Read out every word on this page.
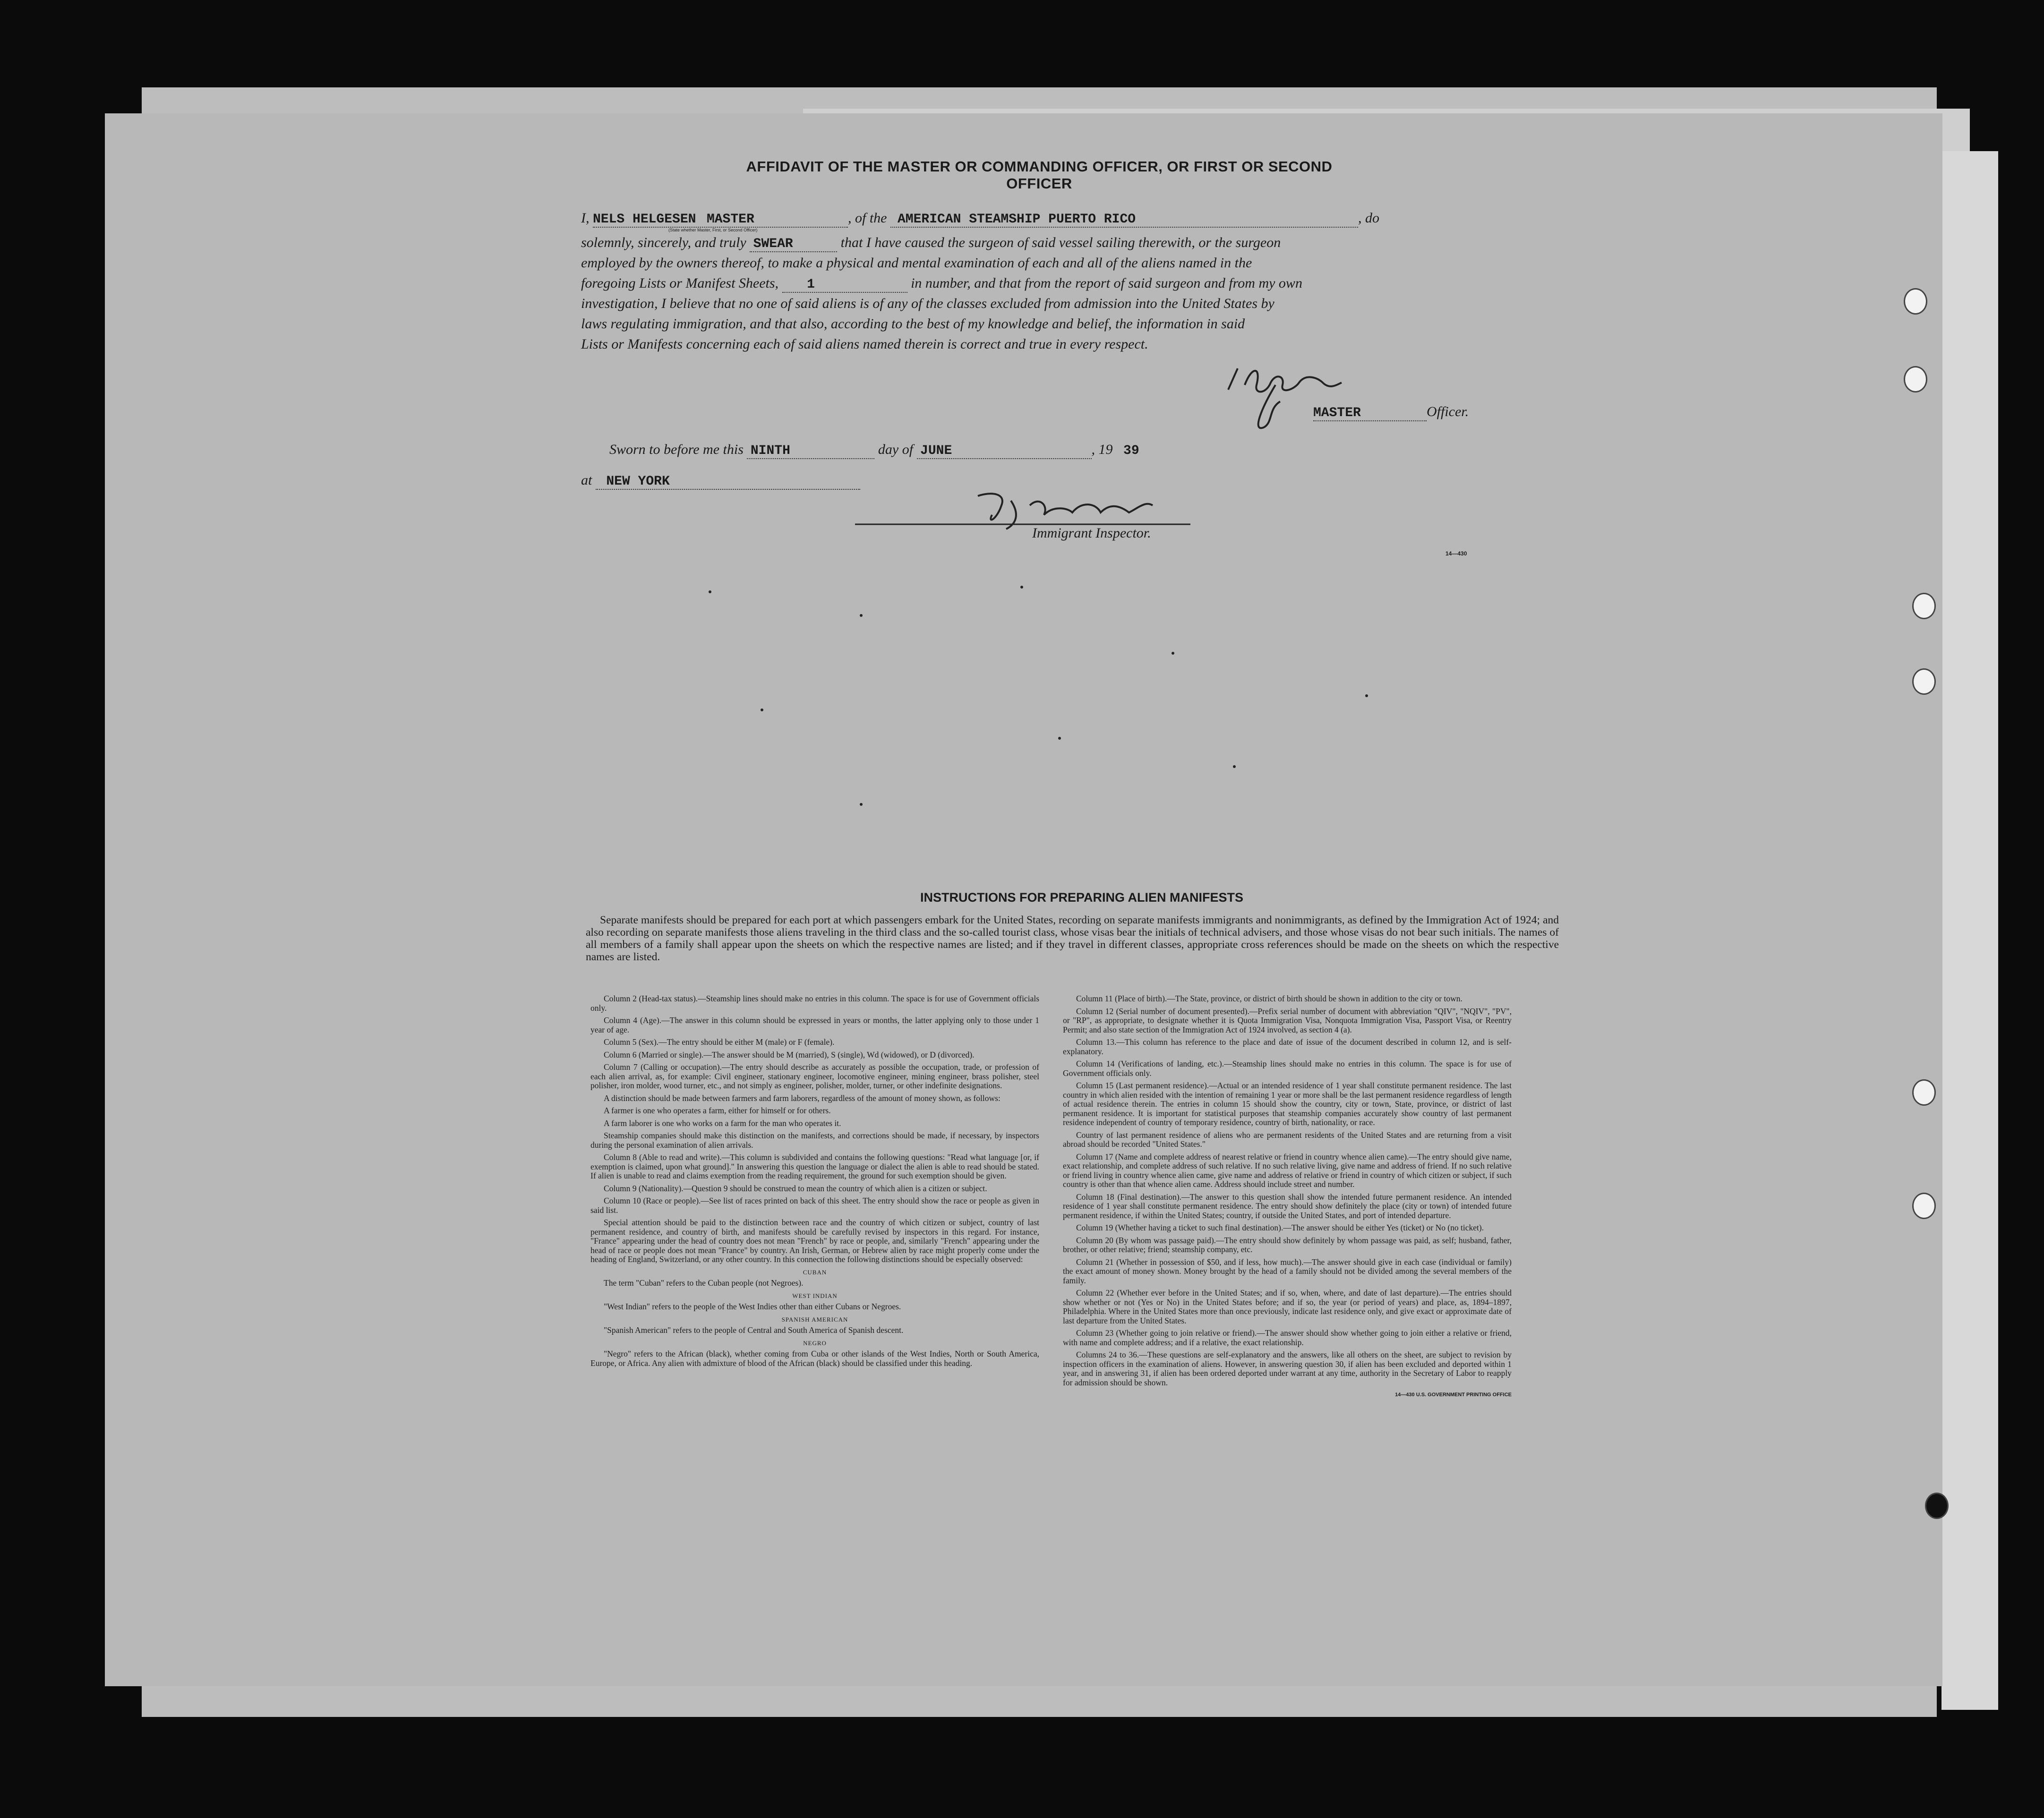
AFFIDAVIT OF THE MASTER OR COMMANDING OFFICER, OR FIRST OR SECOND OFFICER
I, NELS HELGESEN MASTER	, of the AMERICAN STEAMSHIP PUERTO RICO	, do
(State whether Master, First, or Second Officer)
solemnly, sincerely, and truly SWEAR	that I have caused the surgeon of said vessel sailing therewith, or the surgeon
employed by the owners thereof, to make a physical and mental examination of each and all of the aliens named in the
foregoing Lists or Manifest Sheets, 1	in number, and that from the report of said surgeon and from my own
investigation, I believe that no one of said aliens is of any of the classes excluded from admission into the United States by
laws regulating immigration, and that also, according to the best of my knowledge and belief, the information in said
Lists or Manifests concerning each of said aliens named therein is correct and true in every respect.
MASTER	Officer.
Sworn to before me this NINTH	day of JUNE	, 19 39
at NEW YORK
Immigrant Inspector.
14—430
INSTRUCTIONS FOR PREPARING ALIEN MANIFESTS
Separate manifests should be prepared for each port at which passengers embark for the United States, recording on separate manifests immigrants and nonimmigrants, as defined by the Immigration Act of 1924; and also recording on separate manifests those aliens traveling in the third class and the so-called tourist class, whose visas bear the initials of technical advisers, and those whose visas do not bear such initials. The names of all members of a family shall appear upon the sheets on which the respective names are listed; and if they travel in different classes, appropriate cross references should be made on the sheets on which the respective names are listed.

Column 2 (Head-tax status).—Steamship lines should make no entries in this column. The space is for use of Government officials only.

Column 4 (Age).—The answer in this column should be expressed in years or months, the latter applying only to those under 1 year of age.

Column 5 (Sex).—The entry should be either M (male) or F (female).

Column 6 (Married or single).—The answer should be M (married), S (single), Wd (widowed), or D (divorced).

Column 7 (Calling or occupation).—The entry should describe as accurately as possible the occupation, trade, or profession of each alien arrival, as, for example: Civil engineer, stationary engineer, locomotive engineer, mining engineer, brass polisher, steel polisher, iron molder, wood turner, etc., and not simply as engineer, polisher, molder, turner, or other indefinite designations.

A distinction should be made between farmers and farm laborers, regardless of the amount of money shown, as follows:

A farmer is one who operates a farm, either for himself or for others.

A farm laborer is one who works on a farm for the man who operates it.

Steamship companies should make this distinction on the manifests, and corrections should be made, if necessary, by inspectors during the personal examination of alien arrivals.

Column 8 (Able to read and write).—This column is subdivided and contains the following questions: "Read what language [or, if exemption is claimed, upon what ground]." In answering this question the language or dialect the alien is able to read should be stated. If alien is unable to read and claims exemption from the reading requirement, the ground for such exemption should be given.

Column 9 (Nationality).—Question 9 should be construed to mean the country of which alien is a citizen or subject.

Column 10 (Race or people).—See list of races printed on back of this sheet. The entry should show the race or people as given in said list.

Special attention should be paid to the distinction between race and the country of which citizen or subject, country of last permanent residence, and country of birth, and manifests should be carefully revised by inspectors in this regard. For instance, "France" appearing under the head of country does not mean "French" by race or people, and, similarly "French" appearing under the head of race or people does not mean "France" by country. An Irish, German, or Hebrew alien by race might properly come under the heading of England, Switzerland, or any other country. In this connection the following distinctions should be especially observed:

CUBAN

The term "Cuban" refers to the Cuban people (not Negroes).

WEST INDIAN

"West Indian" refers to the people of the West Indies other than either Cubans or Negroes.

SPANISH AMERICAN

"Spanish American" refers to the people of Central and South America of Spanish descent.

NEGRO

"Negro" refers to the African (black), whether coming from Cuba or other islands of the West Indies, North or South America, Europe, or Africa. Any alien with admixture of blood of the African (black) should be classified under this heading.

Column 11 (Place of birth).—The State, province, or district of birth should be shown in addition to the city or town.

Column 12 (Serial number of document presented).—Prefix serial number of document with abbreviation "QIV", "NQIV", "PV", or "RP", as appropriate, to designate whether it is Quota Immigration Visa, Nonquota Immigration Visa, Passport Visa, or Reentry Permit; and also state section of the Immigration Act of 1924 involved, as section 4 (a).

Column 13.—This column has reference to the place and date of issue of the document described in column 12, and is self-explanatory.

Column 14 (Verifications of landing, etc.).—Steamship lines should make no entries in this column. The space is for use of Government officials only.

Column 15 (Last permanent residence).—Actual or an intended residence of 1 year shall constitute permanent residence. The last country in which alien resided with the intention of remaining 1 year or more shall be the last permanent residence regardless of length of actual residence therein. The entries in column 15 should show the country, city or town, State, province, or district of last permanent residence. It is important for statistical purposes that steamship companies accurately show country of last permanent residence independent of country of temporary residence, country of birth, nationality, or race.

Country of last permanent residence of aliens who are permanent residents of the United States and are returning from a visit abroad should be recorded "United States."

Column 17 (Name and complete address of nearest relative or friend in country whence alien came).—The entry should give name, exact relationship, and complete address of such relative. If no such relative living, give name and address of friend. If no such relative or friend living in country whence alien came, give name and address of relative or friend in country of which citizen or subject, if such country is other than that whence alien came. Address should include street and number.

Column 18 (Final destination).—The answer to this question shall show the intended future permanent residence. An intended residence of 1 year shall constitute permanent residence. The entry should show definitely the place (city or town) of intended future permanent residence, if within the United States; country, if outside the United States, and port of intended departure.

Column 19 (Whether having a ticket to such final destination).—The answer should be either Yes (ticket) or No (no ticket).

Column 20 (By whom was passage paid).—The entry should show definitely by whom passage was paid, as self; husband, father, brother, or other relative; friend; steamship company, etc.

Column 21 (Whether in possession of $50, and if less, how much).—The answer should give in each case (individual or family) the exact amount of money shown. Money brought by the head of a family should not be divided among the several members of the family.

Column 22 (Whether ever before in the United States; and if so, when, where, and date of last departure).—The entries should show whether or not (Yes or No) in the United States before; and if so, the year (or period of years) and place, as, 1894–1897, Philadelphia. Where in the United States more than once previously, indicate last residence only, and give exact or approximate date of last departure from the United States.

Column 23 (Whether going to join relative or friend).—The answer should show whether going to join either a relative or friend, with name and complete address; and if a relative, the exact relationship.

Columns 24 to 36.—These questions are self-explanatory and the answers, like all others on the sheet, are subject to revision by inspection officers in the examination of aliens. However, in answering question 30, if alien has been excluded and deported within 1 year, and in answering 31, if alien has been ordered deported under warrant at any time, authority in the Secretary of Labor to reapply for admission should be shown.

14—430 U.S. GOVERNMENT PRINTING OFFICE
